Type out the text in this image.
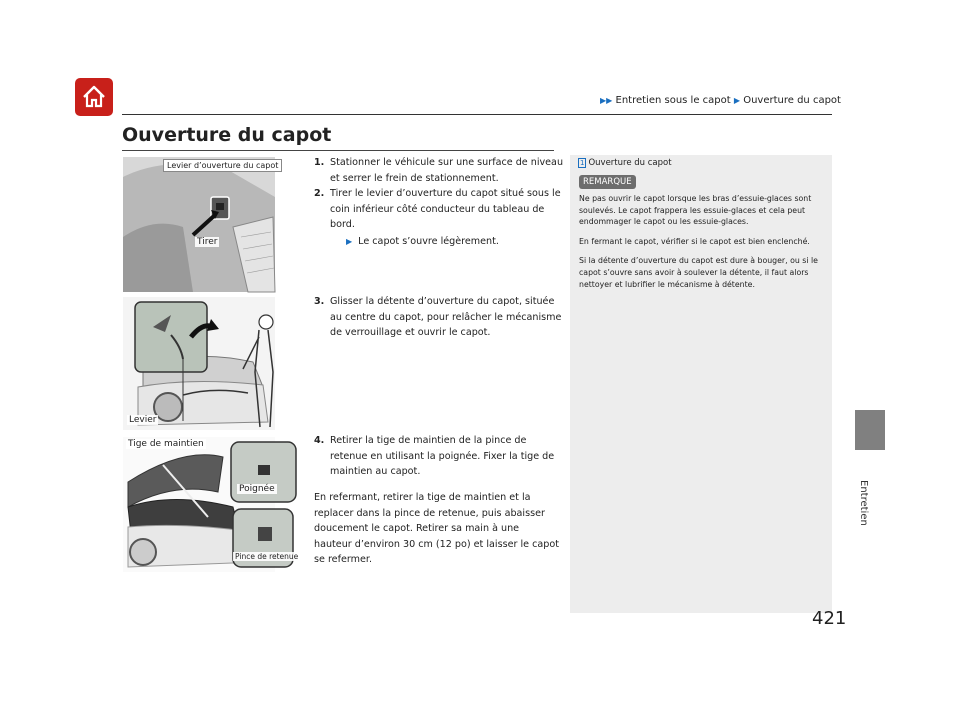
▶▶ Entretien sous le capot ▶ Ouverture du capot
Ouverture du capot
Levier d’ouverture du capot
Tirer
Levier
Tige de maintien
Poignée
Pince de retenue
1. Stationner le véhicule sur une surface de niveau et serrer le frein de stationnement.
2. Tirer le levier d’ouverture du capot situé sous le coin inférieur côté conducteur du tableau de bord.
▶ Le capot s’ouvre légèrement.
3. Glisser la détente d’ouverture du capot, située au centre du capot, pour relâcher le mécanisme de verrouillage et ouvrir le capot.
4. Retirer la tige de maintien de la pince de retenue en utilisant la poignée. Fixer la tige de maintien au capot.
En refermant, retirer la tige de maintien et la replacer dans la pince de retenue, puis abaisser doucement le capot. Retirer sa main à une hauteur d’environ 30 cm (12 po) et laisser le capot se refermer.
1 Ouverture du capot
REMARQUE

Ne pas ouvrir le capot lorsque les bras d’essuie-glaces sont soulevés. Le capot frappera les essuie-glaces et cela peut endommager le capot ou les essuie-glaces.

En fermant le capot, vérifier si le capot est bien enclenché.

Si la détente d’ouverture du capot est dure à bouger, ou si le capot s’ouvre sans avoir à soulever la détente, il faut alors nettoyer et lubrifier le mécanisme à détente.

Entretien
421
